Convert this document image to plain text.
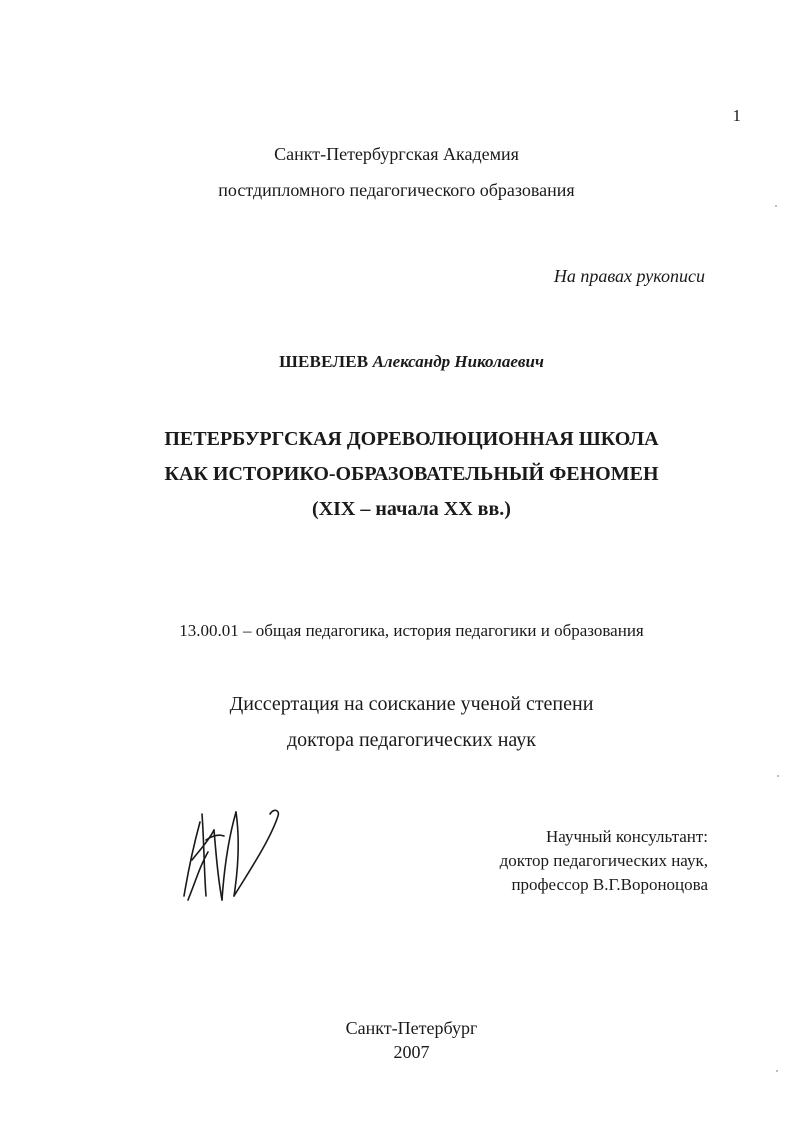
1
Санкт-Петербургская Академия
постдипломного педагогического образования
На правах рукописи
ШЕВЕЛЕВ Александр Николаевич
ПЕТЕРБУРГСКАЯ ДОРЕВОЛЮЦИОННАЯ ШКОЛА
КАК ИСТОРИКО-ОБРАЗОВАТЕЛЬНЫЙ ФЕНОМЕН
(XIX – начала XX вв.)
13.00.01 – общая педагогика, история педагогики и образования
Диссертация на соискание ученой степени
доктора педагогических наук
Научный консультант:
доктор педагогических наук,
профессор В.Г.Вороноцова
Санкт-Петербург
2007
